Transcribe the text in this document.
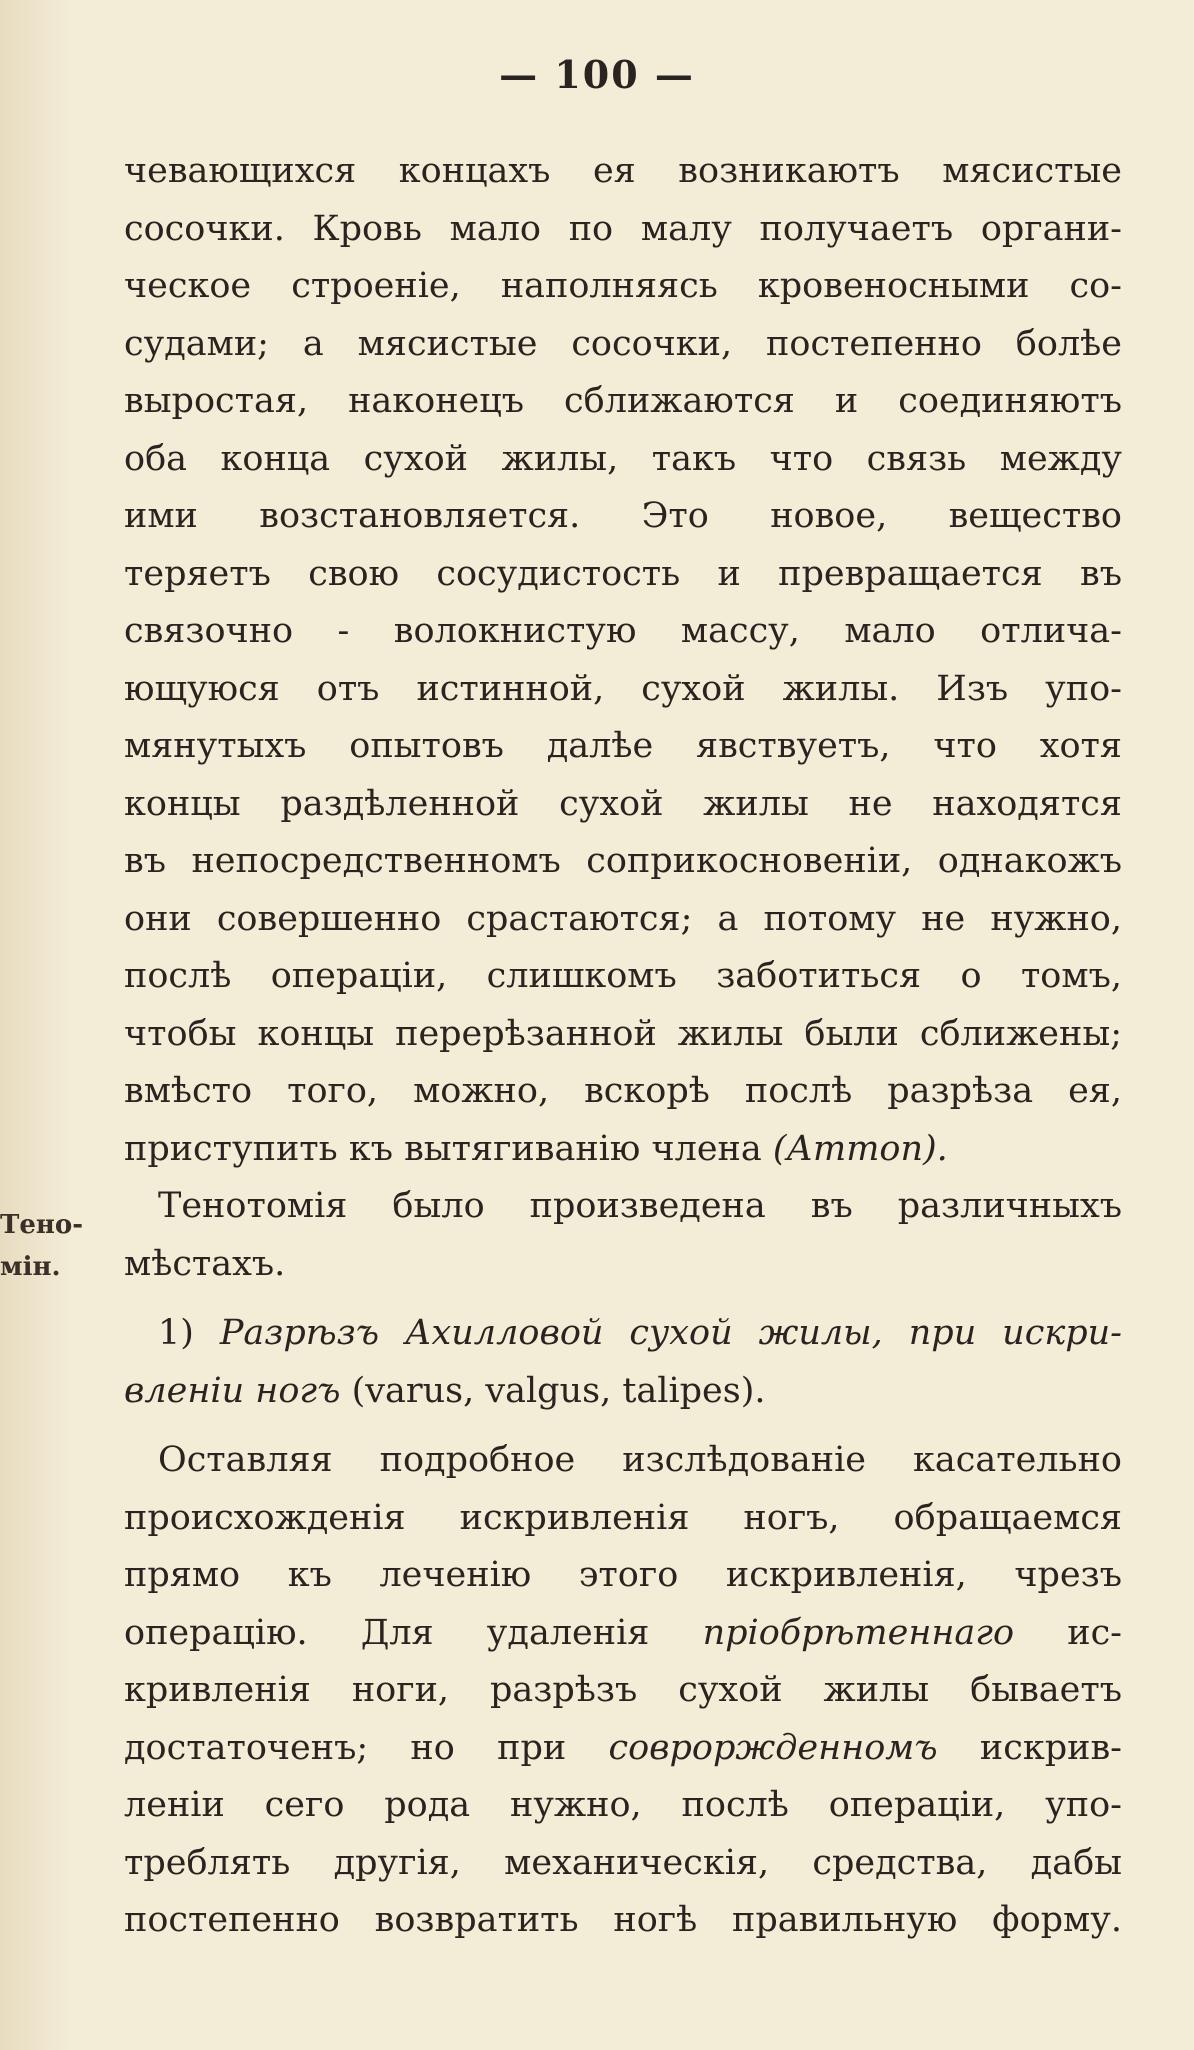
— 100 —
Тено-
мін.
чевающихся концахъ ея возникаютъ мясистые
сосочки. Кровь мало по малу получаетъ органи-
ческое строеніе, наполняясь кровеносными со-
судами; а мясистые сосочки, постепенно болѣе
выростая, наконецъ сближаются и соединяютъ
оба конца сухой жилы, такъ что связь между
ими возстановляется. Это новое, вещество
теряетъ свою сосудистость и превращается въ
связочно - волокнистую массу, мало отлича-
ющуюся отъ истинной, сухой жилы. Изъ упо-
мянутыхъ опытовъ далѣе явствуетъ, что хотя
концы раздѣленной сухой жилы не находятся
въ непосредственномъ соприкосновеніи, однакожъ
они совершенно срастаются; а потому не нужно,
послѣ операціи, слишкомъ заботиться о томъ,
чтобы концы перерѣзанной жилы были сближены;
вмѣсто того, можно, вскорѣ послѣ разрѣза ея,
приступить къ вытягиванію члена (Аттоп).
Тенотомія было произведена въ различныхъ
мѣстахъ.
1) Разрѣзъ Ахилловой сухой жилы, при искри-
вленіи ногъ (varus, valgus, talipes).
Оставляя подробное изслѣдованіе касательно
происхожденія искривленія ногъ, обращаемся
прямо къ леченію этого искривленія, чрезъ
операцію. Для удаленія пріобрѣтеннаго ис-
кривленія ноги, разрѣзъ сухой жилы бываетъ
достаточенъ; но при совроржденномъ искрив-
леніи сего рода нужно, послѣ операціи, упо-
треблять другія, механическія, средства, дабы
постепенно возвратить ногѣ правильную форму.
